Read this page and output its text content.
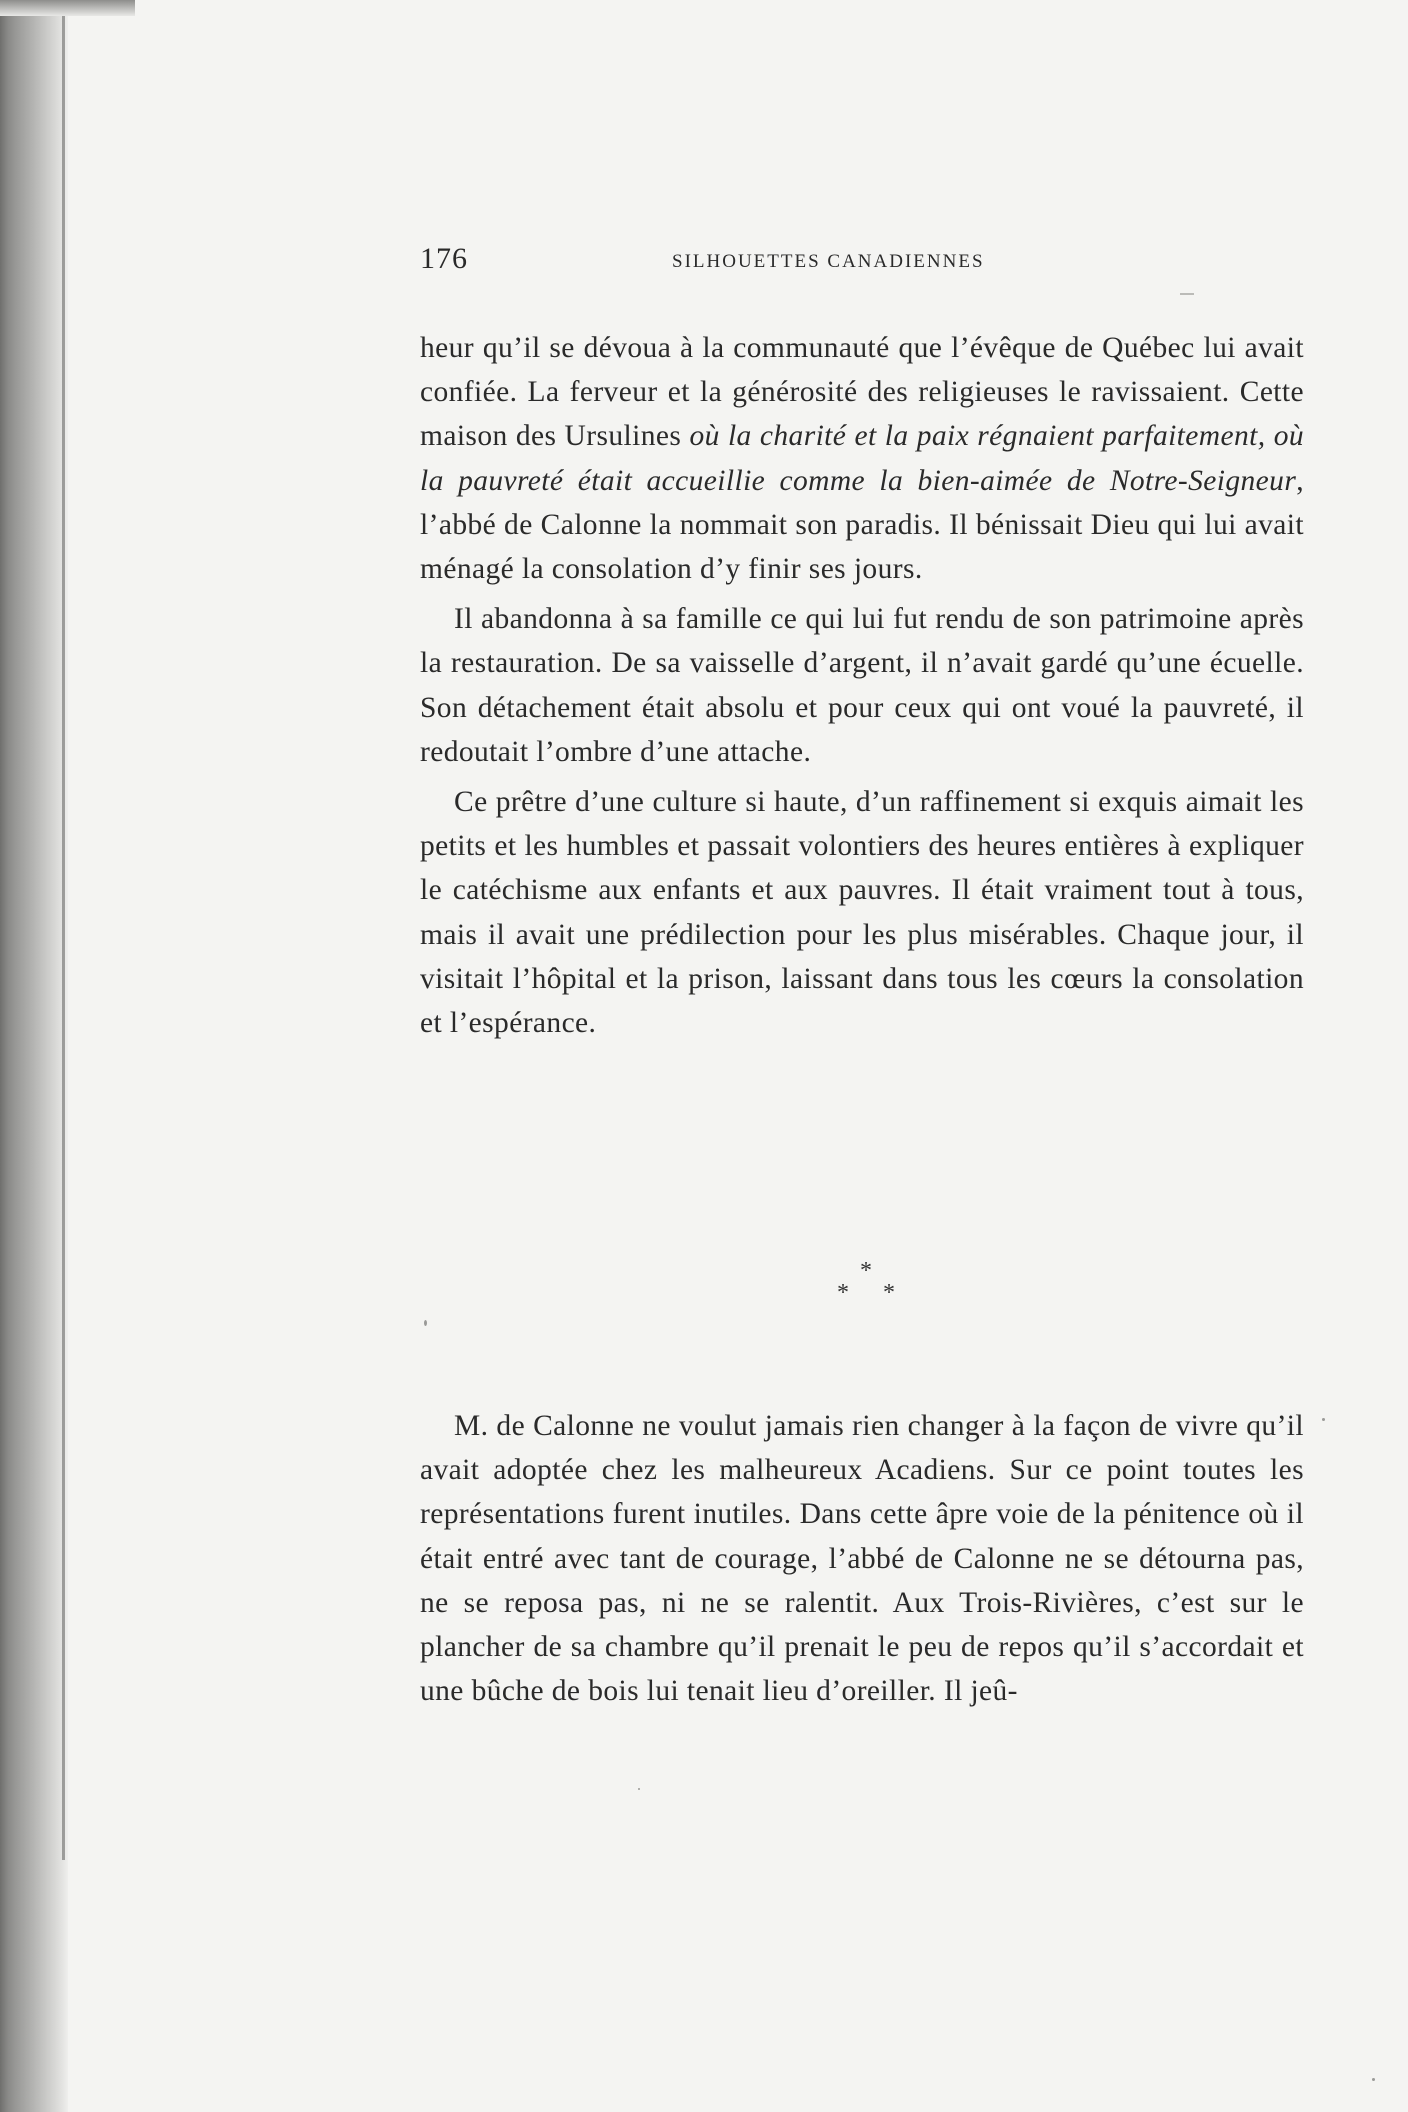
176	SILHOUETTES CANADIENNES

heur qu’il se dévoua à la communauté que l’évêque de Québec lui avait confiée. La ferveur et la générosité des religieuses le ravissaient. Cette maison des Ursulines où la charité et la paix régnaient parfaitement, où la pauvreté était accueillie comme la bien-aimée de Notre-Seigneur, l’abbé de Calonne la nommait son paradis. Il bénissait Dieu qui lui avait ménagé la consolation d’y finir ses jours.

Il abandonna à sa famille ce qui lui fut rendu de son patrimoine après la restauration. De sa vaisselle d’argent, il n’avait gardé qu’une écuelle. Son détachement était absolu et pour ceux qui ont voué la pauvreté, il redoutait l’ombre d’une attache.

Ce prêtre d’une culture si haute, d’un raffinement si exquis aimait les petits et les humbles et passait volontiers des heures entières à expliquer le catéchisme aux enfants et aux pauvres. Il était vraiment tout à tous, mais il avait une prédilection pour les plus misérables. Chaque jour, il visitait l’hôpital et la prison, laissant dans tous les cœurs la consolation et l’espérance.

*
* *

M. de Calonne ne voulut jamais rien changer à la façon de vivre qu’il avait adoptée chez les malheureux Acadiens. Sur ce point toutes les représentations furent inutiles. Dans cette âpre voie de la pénitence où il était entré avec tant de courage, l’abbé de Calonne ne se détourna pas, ne se reposa pas, ni ne se ralentit. Aux Trois-Rivières, c’est sur le plancher de sa chambre qu’il prenait le peu de repos qu’il s’accordait et une bûche de bois lui tenait lieu d’oreiller. Il jeû-
